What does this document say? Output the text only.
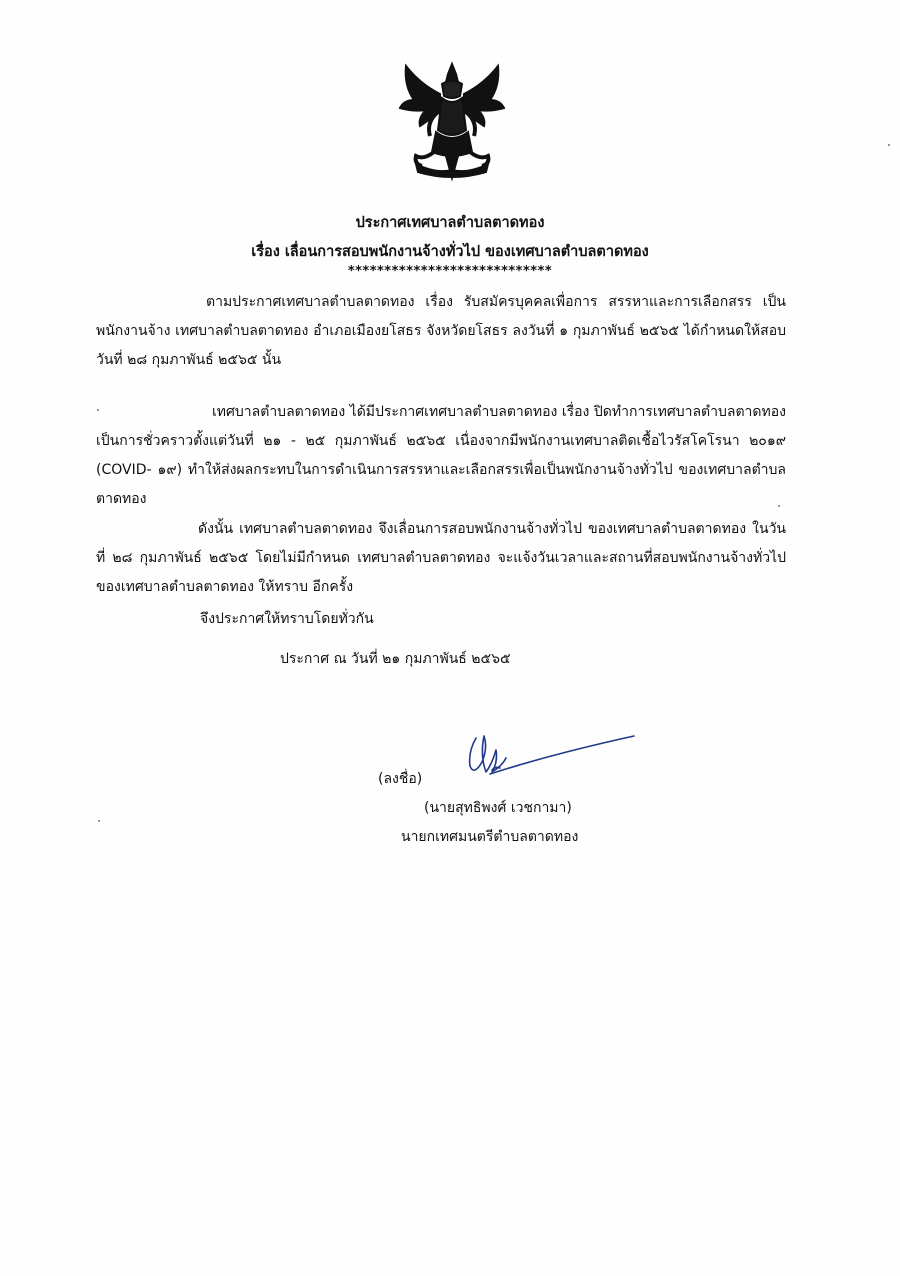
ประกาศเทศบาลตำบลตาดทอง
เรื่อง เลื่อนการสอบพนักงานจ้างทั่วไป ของเทศบาลตำบลตาดทอง
****************************
ตามประกาศเทศบาลตำบลตาดทอง เรื่อง รับสมัครบุคคลเพื่อการ สรรหาและการเลือกสรร เป็นพนักงานจ้าง เทศบาลตำบลตาดทอง อำเภอเมืองยโสธร จังหวัดยโสธร ลงวันที่ ๑ กุมภาพันธ์ ๒๕๖๕ ได้กำหนดให้สอบวันที่ ๒๘ กุมภาพันธ์ ๒๕๖๕ นั้น
เทศบาลตำบลตาดทอง ได้มีประกาศเทศบาลตำบลตาดทอง เรื่อง ปิดทำการเทศบาลตำบลตาดทองเป็นการชั่วคราวตั้งแต่วันที่ ๒๑ - ๒๕ กุมภาพันธ์ ๒๕๖๕ เนื่องจากมีพนักงานเทศบาลติดเชื้อไวรัสโคโรนา ๒๐๑๙ (COVID- ๑๙) ทำให้ส่งผลกระทบในการดำเนินการสรรหาและเลือกสรรเพื่อเป็นพนักงานจ้างทั่วไป ของเทศบาลตำบลตาดทอง
ดังนั้น เทศบาลตำบลตาดทอง จึงเลื่อนการสอบพนักงานจ้างทั่วไป ของเทศบาลตำบลตาดทอง ในวันที่ ๒๘ กุมภาพันธ์ ๒๕๖๕ โดยไม่มีกำหนด เทศบาลตำบลตาดทอง จะแจ้งวันเวลาและสถานที่สอบพนักงานจ้างทั่วไป ของเทศบาลตำบลตาดทอง ให้ทราบ อีกครั้ง
จึงประกาศให้ทราบโดยทั่วกัน
ประกาศ ณ วันที่ ๒๑ กุมภาพันธ์ ๒๕๖๕
(ลงชื่อ)
(นายสุทธิพงศ์ เวชกามา)
นายกเทศมนตรีตำบลตาดทอง
